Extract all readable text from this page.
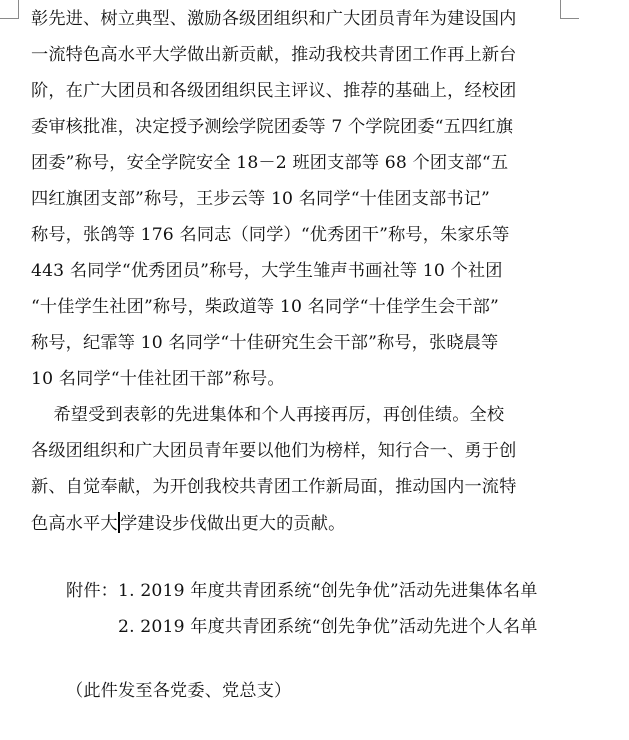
彰先进、树立典型、激励各级团组织和广大团员青年为建设国内
一流特色高水平大学做出新贡献，推动我校共青团工作再上新台
阶，在广大团员和各级团组织民主评议、推荐的基础上，经校团
委审核批准，决定授予测绘学院团委等 7 个学院团委“五四红旗
团委”称号，安全学院安全 18－2 班团支部等 68 个团支部“五
四红旗团支部”称号，王步云等 10 名同学“十佳团支部书记”
称号，张鸽等 176 名同志（同学）“优秀团干”称号，朱家乐等
443 名同学“优秀团员”称号，大学生雏声书画社等 10 个社团
“十佳学生社团”称号，柴政道等 10 名同学“十佳学生会干部”
称号，纪霏等 10 名同学“十佳研究生会干部”称号，张晓晨等
10 名同学“十佳社团干部”称号。
希望受到表彰的先进集体和个人再接再厉，再创佳绩。全校
各级团组织和广大团员青年要以他们为榜样，知行合一、勇于创
新、自觉奉献，为开创我校共青团工作新局面，推动国内一流特
色高水平大 学建设步伐做出更大的贡献。
附件：1. 2019 年度共青团系统“创先争优”活动先进集体名单
2. 2019 年度共青团系统“创先争优”活动先进个人名单
（此件发至各党委、党总支）
